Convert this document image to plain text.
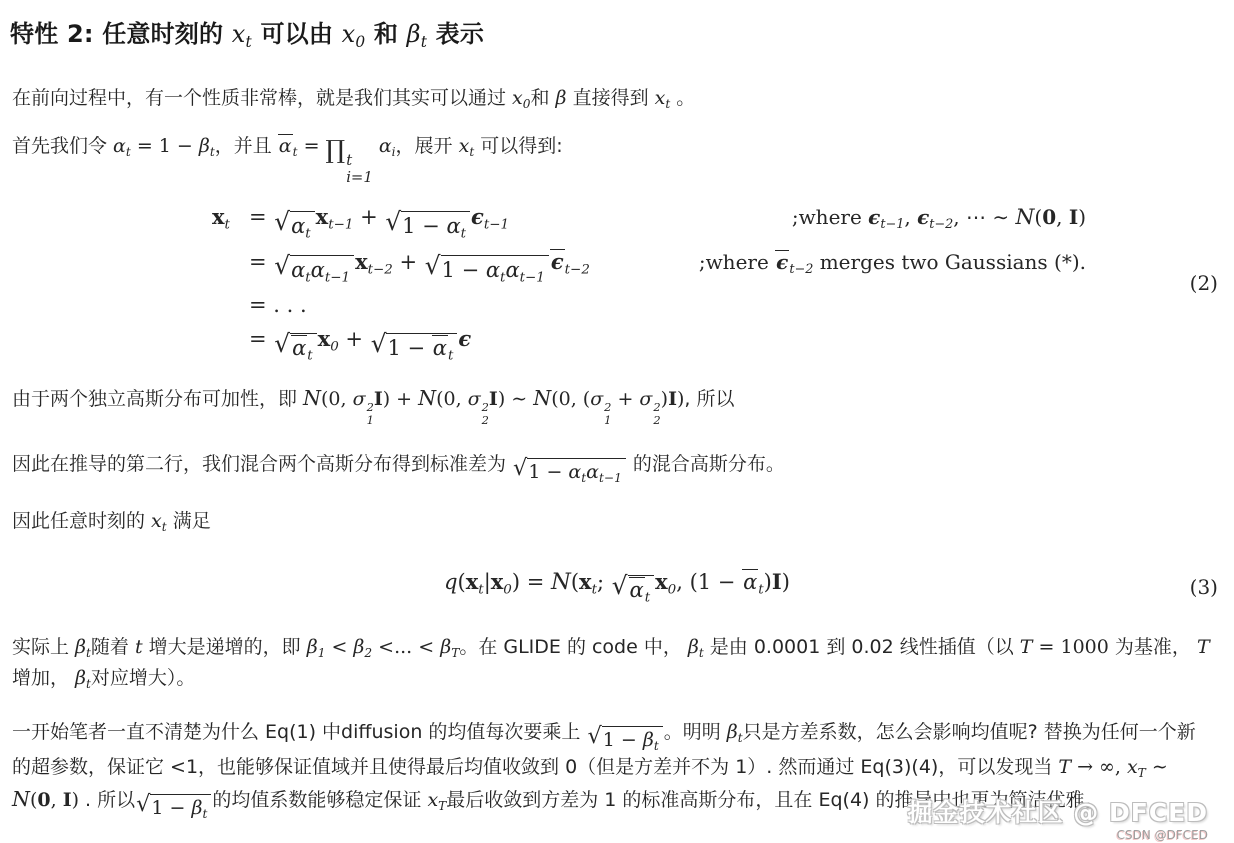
特性 2: 任意时刻的 $x_t$ 可以由 $x_0$ 和 $\beta_t$ 表示

在前向过程中，有一个性质非常棒，就是我们其实可以通过 $x_0$和 β 直接得到 $x_t$ 。

首先我们令 $\alpha_t = 1 - \beta_t$，并且 $\alpha_t$ = ∏ t
i=1
$\alpha_i$，展开 $x_t$ 可以得到:

$x_t$ = √ $\alpha_t$
$x_{t-1}$ + √ $1 - \alpha_t$
$\epsilon_{t-1}$	;where $\epsilon_{t-1}$, $\epsilon_{t-2}$, ⋯ ∼ N(0, I)
= √ $\alpha_t\alpha_{t-1}$
$x_{t-2}$ + √ $1 - \alpha_t\alpha_{t-1}$
$\epsilon_{t-2}$	;where $\epsilon_{t-2}$ merges two Gaussians (*).
= . . .
= √ $\alpha_t$
$x_0$ + √ $1 - \alpha_t$
ϵ
(2)

由于两个独立高斯分布可加性，即 N(0, σ 2
1
I) + N(0, σ 2
2
I) ∼ N(0, (σ 2
1
+ σ 2
2
)I), 所以

因此在推导的第二行，我们混合两个高斯分布得到标准差为 √ $1 - \alpha_t\alpha_{t-1}$
的混合高斯分布。

因此任意时刻的 $x_t$ 满足

$q(x_t|x_0) = N(x_t$; √ $\alpha_t$
$x_0$, $(1 - \alpha_t)I$)	(3)

实际上 $\beta_t$随着 t 增大是递增的，即 $\beta_1 < \beta_2$ <... < $\beta_T$。在 GLIDE 的 code 中， $\beta_t$ 是由 0.0001 到 0.02 线性插值（以 T = 1000 为基准， T增加， $\beta_t$对应增大）。

一开始笔者一直不清楚为什么 Eq(1) 中diffusion 的均值每次要乘上 √ $1 - \beta_t$
。明明 $\beta_t$只是方差系数，怎么会影响均值呢? 替换为任何一个新的超参数，保证它 <1，也能够保证值域并且使得最后均值收敛到 0（但是方差并不为 1）. 然而通过 Eq(3)(4)，可以发现当 T → ∞, $x_T$ ∼ N(0, I) . 所以 √ $1 - \beta_t$
的均值系数能够稳定保证 $x_T$最后收敛到方差为 1 的标准高斯分布，且在 Eq(4) 的推导中也更为简洁优雅。

掘金技术社区 @ DFCED
CSDN @DFCED
